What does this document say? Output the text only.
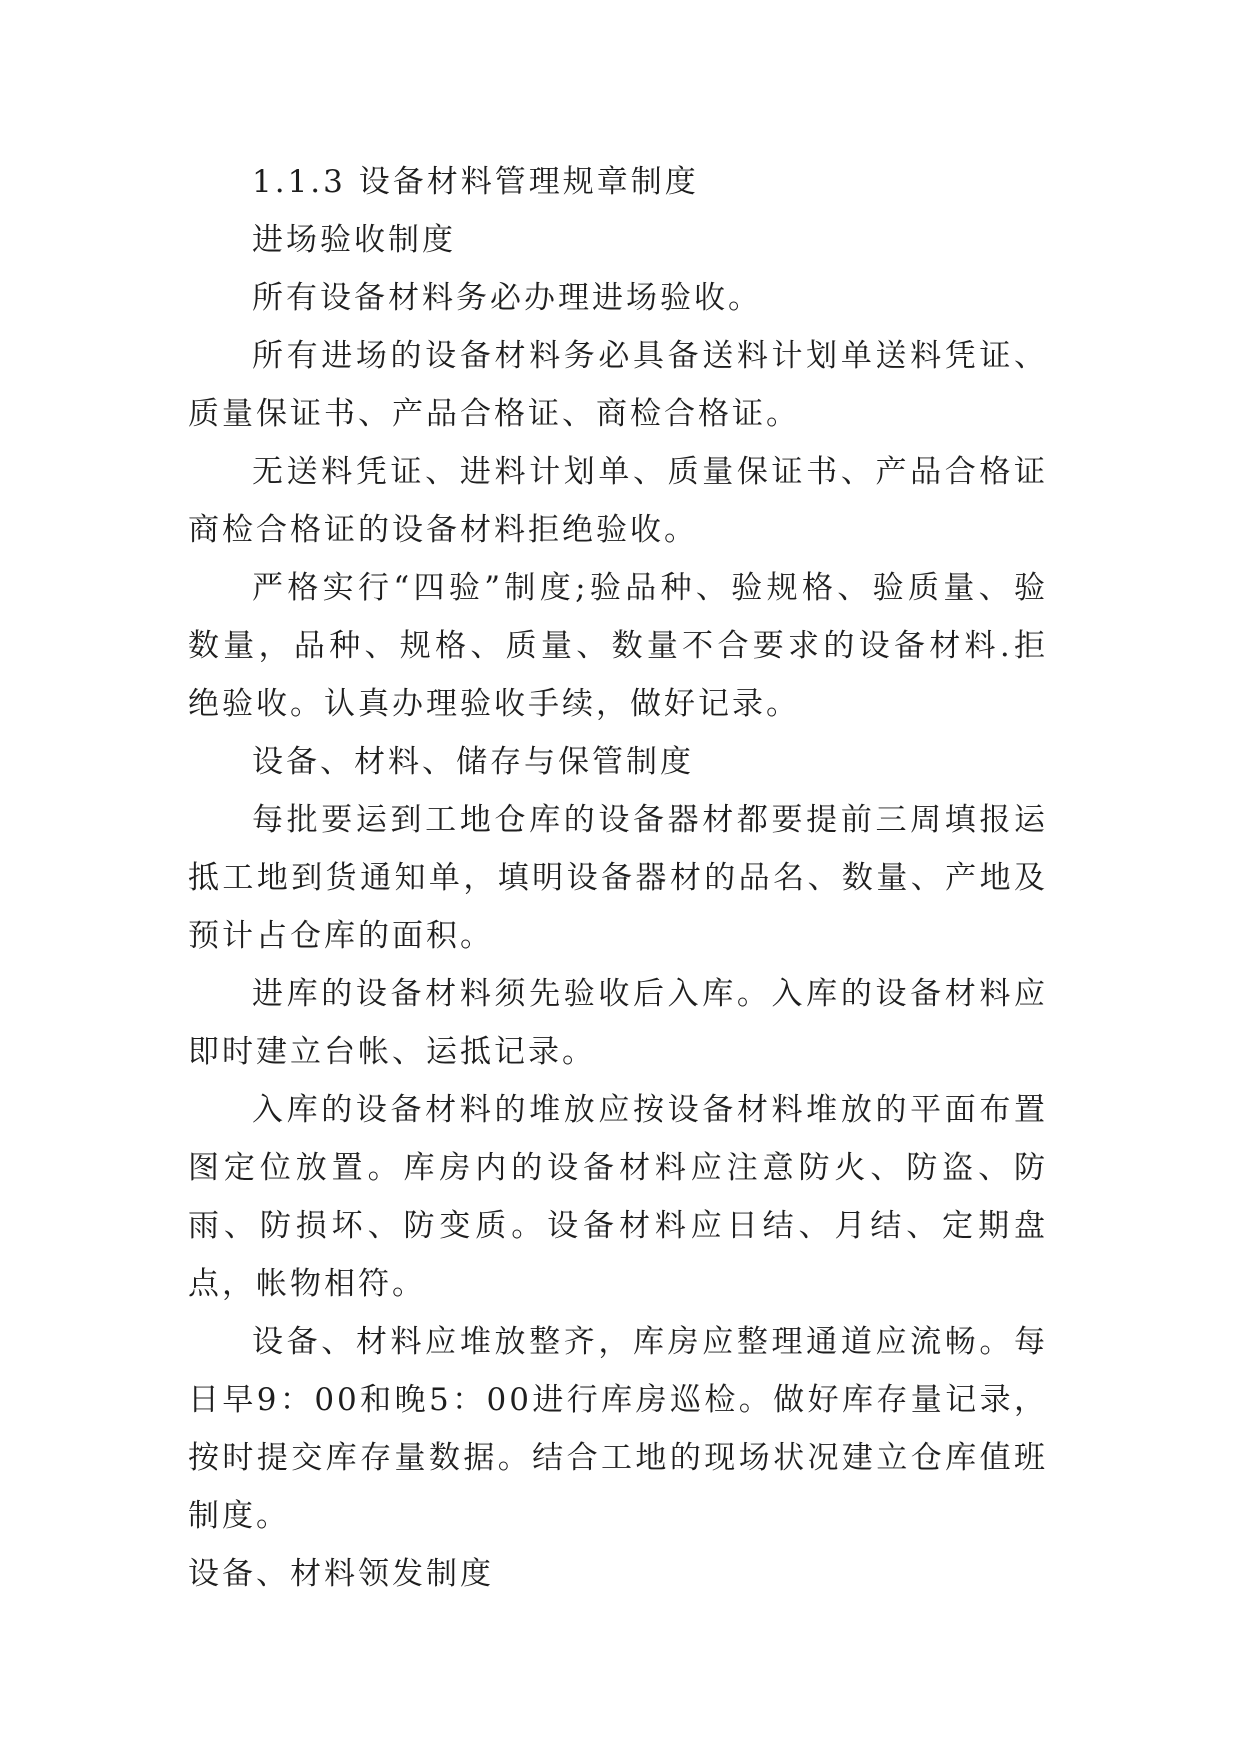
1.1.3 设备材料管理规章制度

进场验收制度

所有设备材料务必办理进场验收。

所有进场的设备材料务必具备送料计划单送料凭证、质量保证书、产品合格证、商检合格证。

无送料凭证、进料计划单、质量保证书、产品合格证商检合格证的设备材料拒绝验收。

严格实行“四验”制度;验品种、验规格、验质量、验数量，品种、规格、质量、数量不合要求的设备材料.拒绝验收。认真办理验收手续，做好记录。

设备、材料、储存与保管制度

每批要运到工地仓库的设备器材都要提前三周填报运抵工地到货通知单，填明设备器材的品名、数量、产地及预计占仓库的面积。

进库的设备材料须先验收后入库。入库的设备材料应即时建立台帐、运抵记录。

入库的设备材料的堆放应按设备材料堆放的平面布置图定位放置。库房内的设备材料应注意防火、防盗、防雨、防损坏、防变质。设备材料应日结、月结、定期盘点，帐物相符。

设备、材料应堆放整齐，库房应整理通道应流畅。每日早9：00和晚5：00进行库房巡检。做好库存量记录，按时提交库存量数据。结合工地的现场状况建立仓库值班制度。

设备、材料领发制度
